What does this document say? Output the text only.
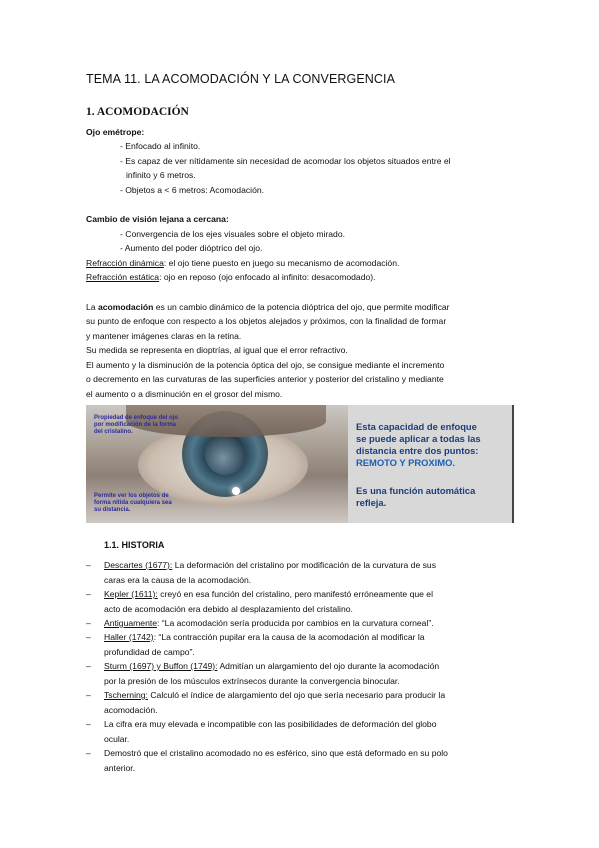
TEMA 11. LA ACOMODACIÓN Y LA CONVERGENCIA
1. ACOMODACIÓN
Ojo emétrope:
- Enfocado al infinito.
- Es capaz de ver nítidamente sin necesidad de acomodar los objetos situados entre el
infinito y 6 metros.
- Objetos a < 6 metros: Acomodación.
Cambio de visión lejana a cercana:
- Convergencia de los ejes visuales sobre el objeto mirado.
- Aumento del poder dióptrico del ojo.
Refracción dinámica: el ojo tiene puesto en juego su mecanismo de acomodación.
Refracción estática: ojo en reposo (ojo enfocado al infinito: desacomodado).
La acomodación es un cambio dinámico de la potencia dióptrica del ojo, que permite modificar
su punto de enfoque con respecto a los objetos alejados y próximos, con la finalidad de formar
y mantener imágenes claras en la retina.
Su medida se representa en dioptrías, al igual que el error refractivo.
El aumento y la disminución de la potencia óptica del ojo, se consigue mediante el incremento
o decremento en las curvaturas de las superficies anterior y posterior del cristalino y mediante
el aumento o a disminución en el grosor del mismo.
Propiedad de enfoque del ojo
por modificación de la forma
del cristalino.
Permite ver los objetos de
forma nítida cualquiera sea
su distancia.
Esta capacidad de enfoque
se puede aplicar a todas las
distancia entre dos puntos:
REMOTO Y PROXIMO.
Es una función automática
refleja.
1.1. HISTORIA
– Descartes (1677): La deformación del cristalino por modificación de la curvatura de sus
caras era la causa de la acomodación.
– Kepler (1611): creyó en esa función del cristalino, pero manifestó erróneamente que el
acto de acomodación era debido al desplazamiento del cristalino.
– Antiguamente: “La acomodación sería producida por cambios en la curvatura corneal”.
– Haller (1742): “La contracción pupilar era la causa de la acomodación al modificar la
profundidad de campo”.
– Sturm (1697) y Buffon (1749): Admitían un alargamiento del ojo durante la acomodación
por la presión de los músculos extrínsecos durante la convergencia binocular.
– Tscherning: Calculó el índice de alargamiento del ojo que sería necesario para producir la
acomodación.
– La cifra era muy elevada e incompatible con las posibilidades de deformación del globo
ocular.
– Demostró que el cristalino acomodado no es esférico, sino que está deformado en su polo
anterior.
